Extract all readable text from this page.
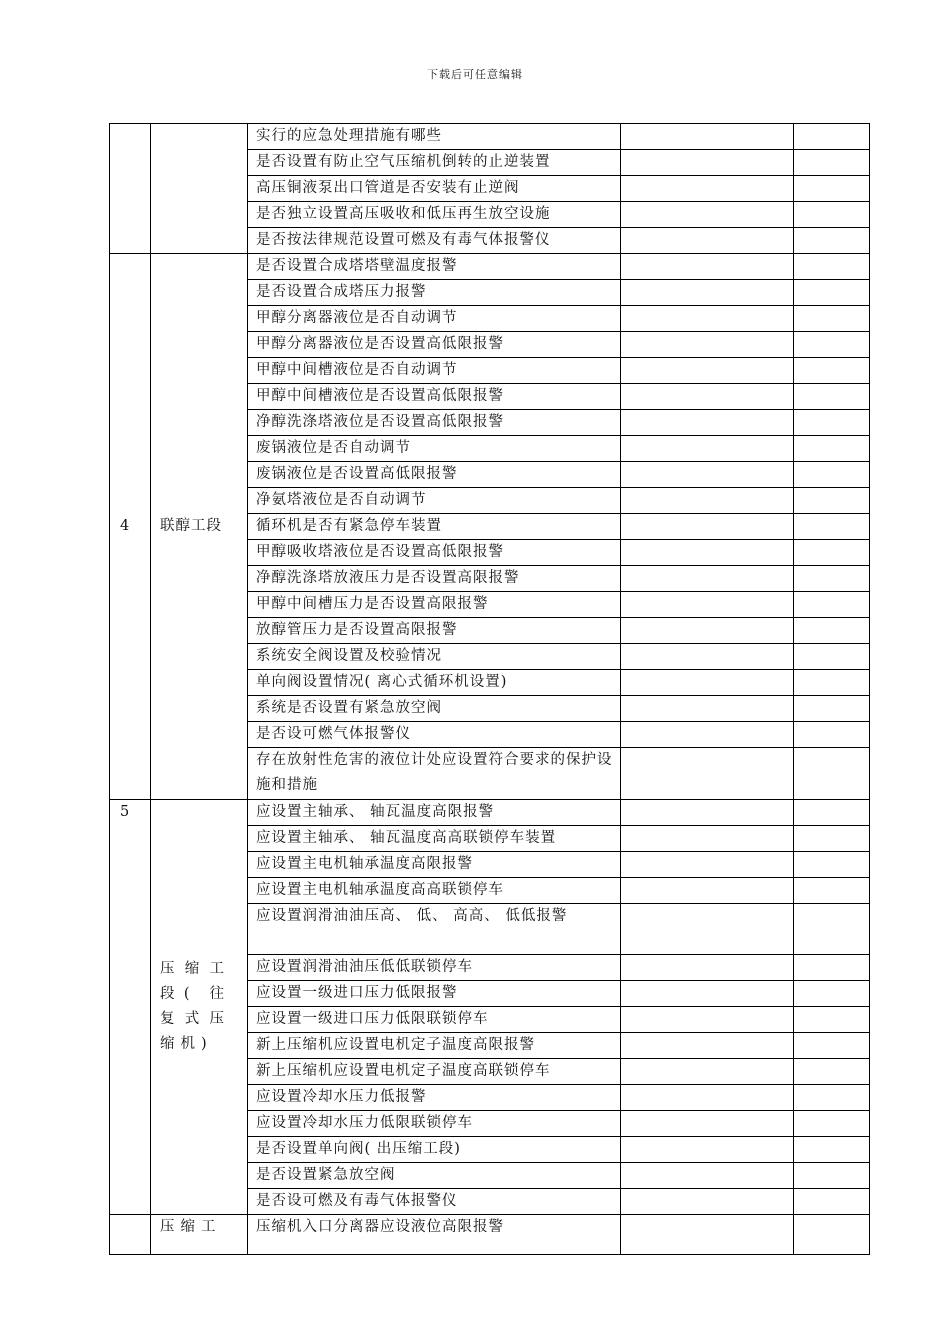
下载后可任意编辑

		实行的应急处理措施有哪些		

		是否设置有防止空气压缩机倒转的止逆装置		

		高压铜液泵出口管道是否安装有止逆阀		

		是否独立设置高压吸收和低压再生放空设施		

		是否按法律规范设置可燃及有毒气体报警仪		

4	联醇工段	是否设置合成塔塔壁温度报警		

		是否设置合成塔压力报警		

		甲醇分离器液位是否自动调节		

		甲醇分离器液位是否设置高低限报警		

		甲醇中间槽液位是否自动调节		

		甲醇中间槽液位是否设置高低限报警		

		净醇洗涤塔液位是否设置高低限报警		

		废锅液位是否自动调节		

		废锅液位是否设置高低限报警		

		净氨塔液位是否自动调节		

		循环机是否有紧急停车装置		

		甲醇吸收塔液位是否设置高低限报警		

		净醇洗涤塔放液压力是否设置高限报警		

		甲醇中间槽压力是否设置高限报警		

		放醇管压力是否设置高限报警		

		系统安全阀设置及校验情况		

		单向阀设置情况( 离心式循环机设置)		

		系统是否设置有紧急放空阀		

		是否设可燃气体报警仪		

		存在放射性危害的液位计处应设置符合要求的保护设施和措施		

5	压缩工段( 往复式压缩机)	应设置主轴承、 轴瓦温度高限报警		

		应设置主轴承、 轴瓦温度高高联锁停车装置		

		应设置主电机轴承温度高限报警		

		应设置主电机轴承温度高高联锁停车		

		应设置润滑油油压高、 低、 高高、 低低报警		

		应设置润滑油油压低低联锁停车		

		应设置一级进口压力低限报警		

		应设置一级进口压力低限联锁停车		

		新上压缩机应设置电机定子温度高限报警		

		新上压缩机应设置电机定子温度高联锁停车		

		应设置冷却水压力低报警		

		应设置冷却水压力低限联锁停车		

		是否设置单向阀( 出压缩工段)		

		是否设置紧急放空阀		

		是否设可燃及有毒气体报警仪		

	压缩工	压缩机入口分离器应设液位高限报警		
